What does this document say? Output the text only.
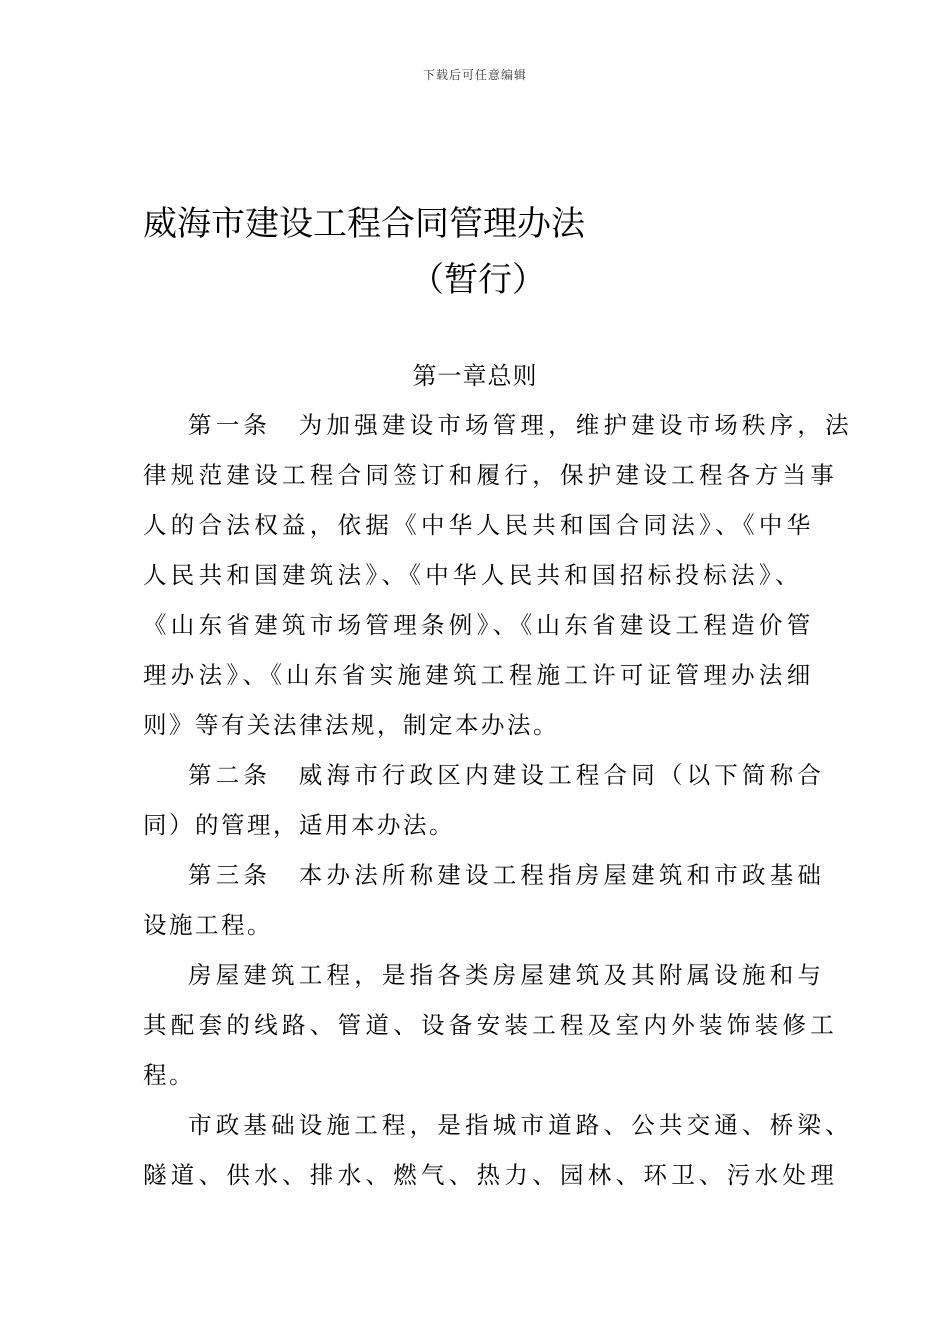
下载后可任意编辑
威海市建设工程合同管理办法
（暂行）
第一章总则
第一条　为加强建设市场管理，维护建设市场秩序，法
律规范建设工程合同签订和履行，保护建设工程各方当事
人的合法权益，依据《中华人民共和国合同法》、《中华
人民共和国建筑法》、《中华人民共和国招标投标法》、
《山东省建筑市场管理条例》、《山东省建设工程造价管
理办法》、《山东省实施建筑工程施工许可证管理办法细
则》等有关法律法规，制定本办法。
第二条　威海市行政区内建设工程合同（以下简称合
同）的管理，适用本办法。
第三条　本办法所称建设工程指房屋建筑和市政基础
设施工程。
房屋建筑工程，是指各类房屋建筑及其附属设施和与
其配套的线路、管道、设备安装工程及室内外装饰装修工
程。
市政基础设施工程，是指城市道路、公共交通、桥梁、
隧道、供水、排水、燃气、热力、园林、环卫、污水处理
